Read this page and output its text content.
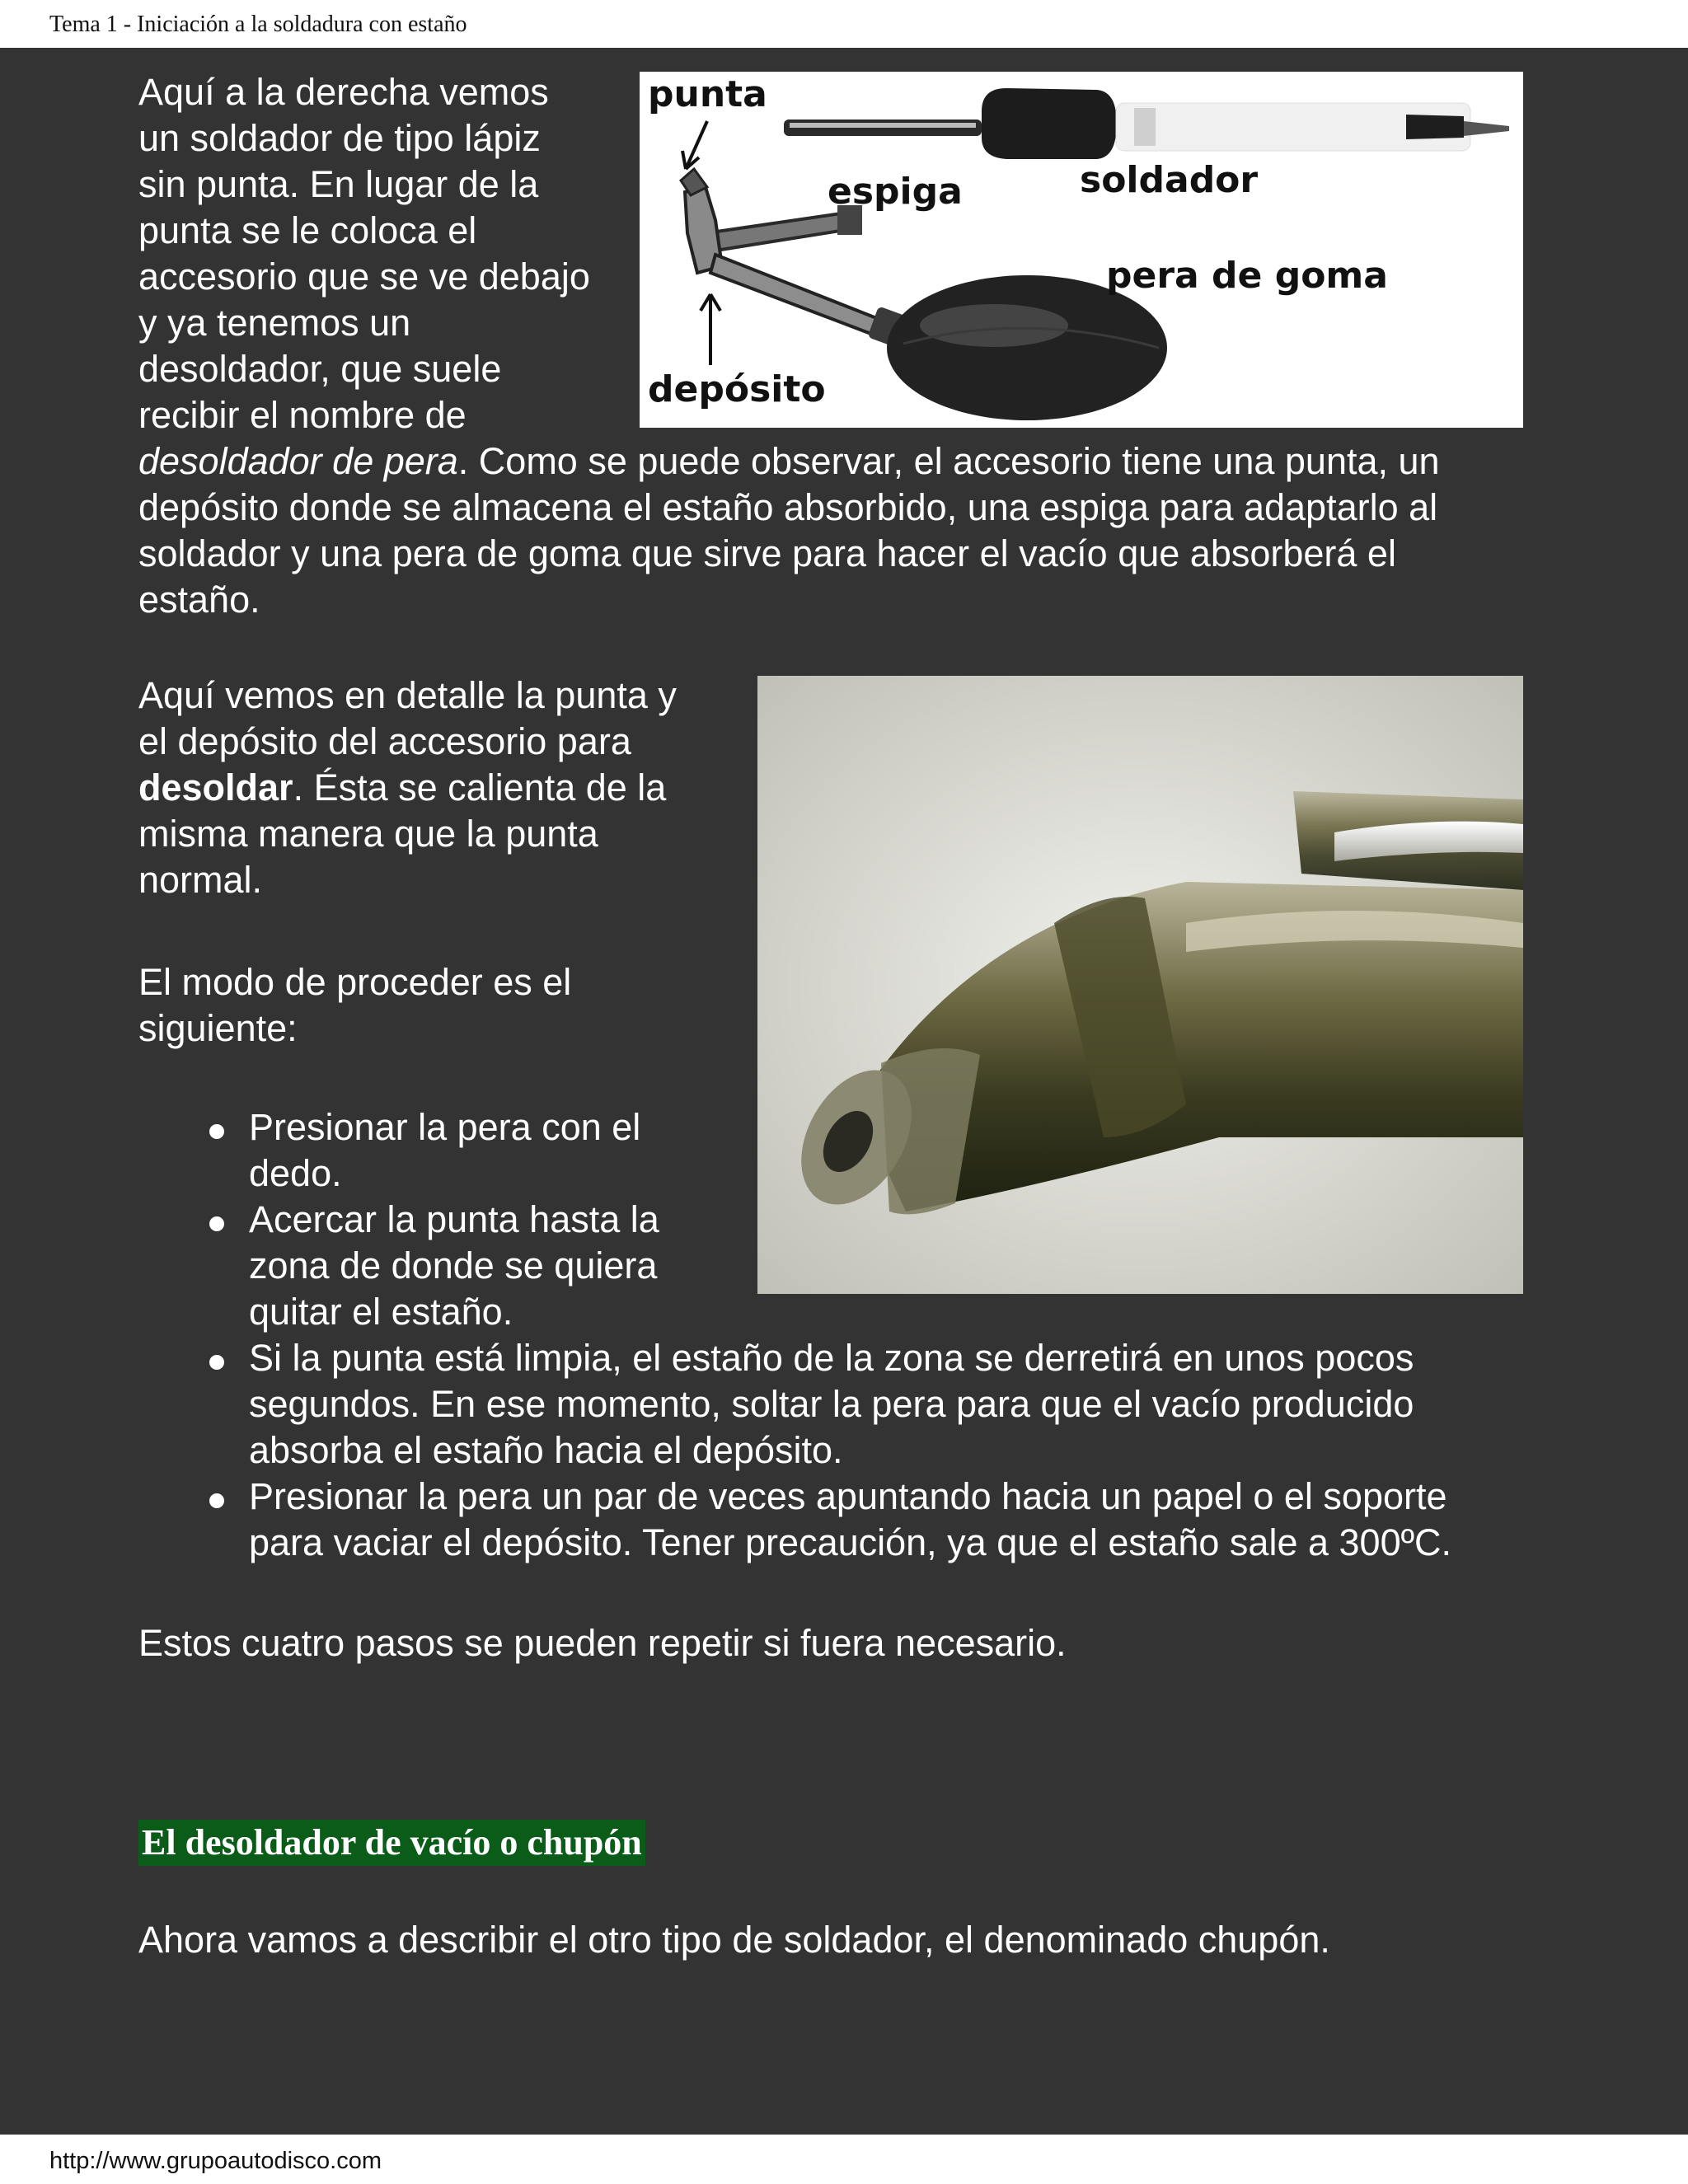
Tema 1 - Iniciación a la soldadura con estaño

Aquí a la derecha vemos

un soldador de tipo lápiz

sin punta. En lugar de la

punta se le coloca el

accesorio que se ve debajo

y ya tenemos un

desoldador, que suele

recibir el nombre de

desoldador de pera. Como se puede observar, el accesorio tiene una punta, un

depósito donde se almacena el estaño absorbido, una espiga para adaptarlo al

soldador y una pera de goma que sirve para hacer el vacío que absorberá el

estaño.

punta
espiga	soldador
pera de goma
depósito

Aquí vemos en detalle la punta y

el depósito del accesorio para

desoldar. Ésta se calienta de la

misma manera que la punta

normal.

El modo de proceder es el

siguiente:

Presionar la pera con el

dedo.

Acercar la punta hasta la

zona de donde se quiera

quitar el estaño.

Si la punta está limpia, el estaño de la zona se derretirá en unos pocos

segundos. En ese momento, soltar la pera para que el vacío producido

absorba el estaño hacia el depósito.

Presionar la pera un par de veces apuntando hacia un papel o el soporte

para vaciar el depósito. Tener precaución, ya que el estaño sale a 300ºC.

Estos cuatro pasos se pueden repetir si fuera necesario.
El desoldador de vacío o chupón
Ahora vamos a describir el otro tipo de soldador, el denominado chupón.
http://www.grupoautodisco.com
